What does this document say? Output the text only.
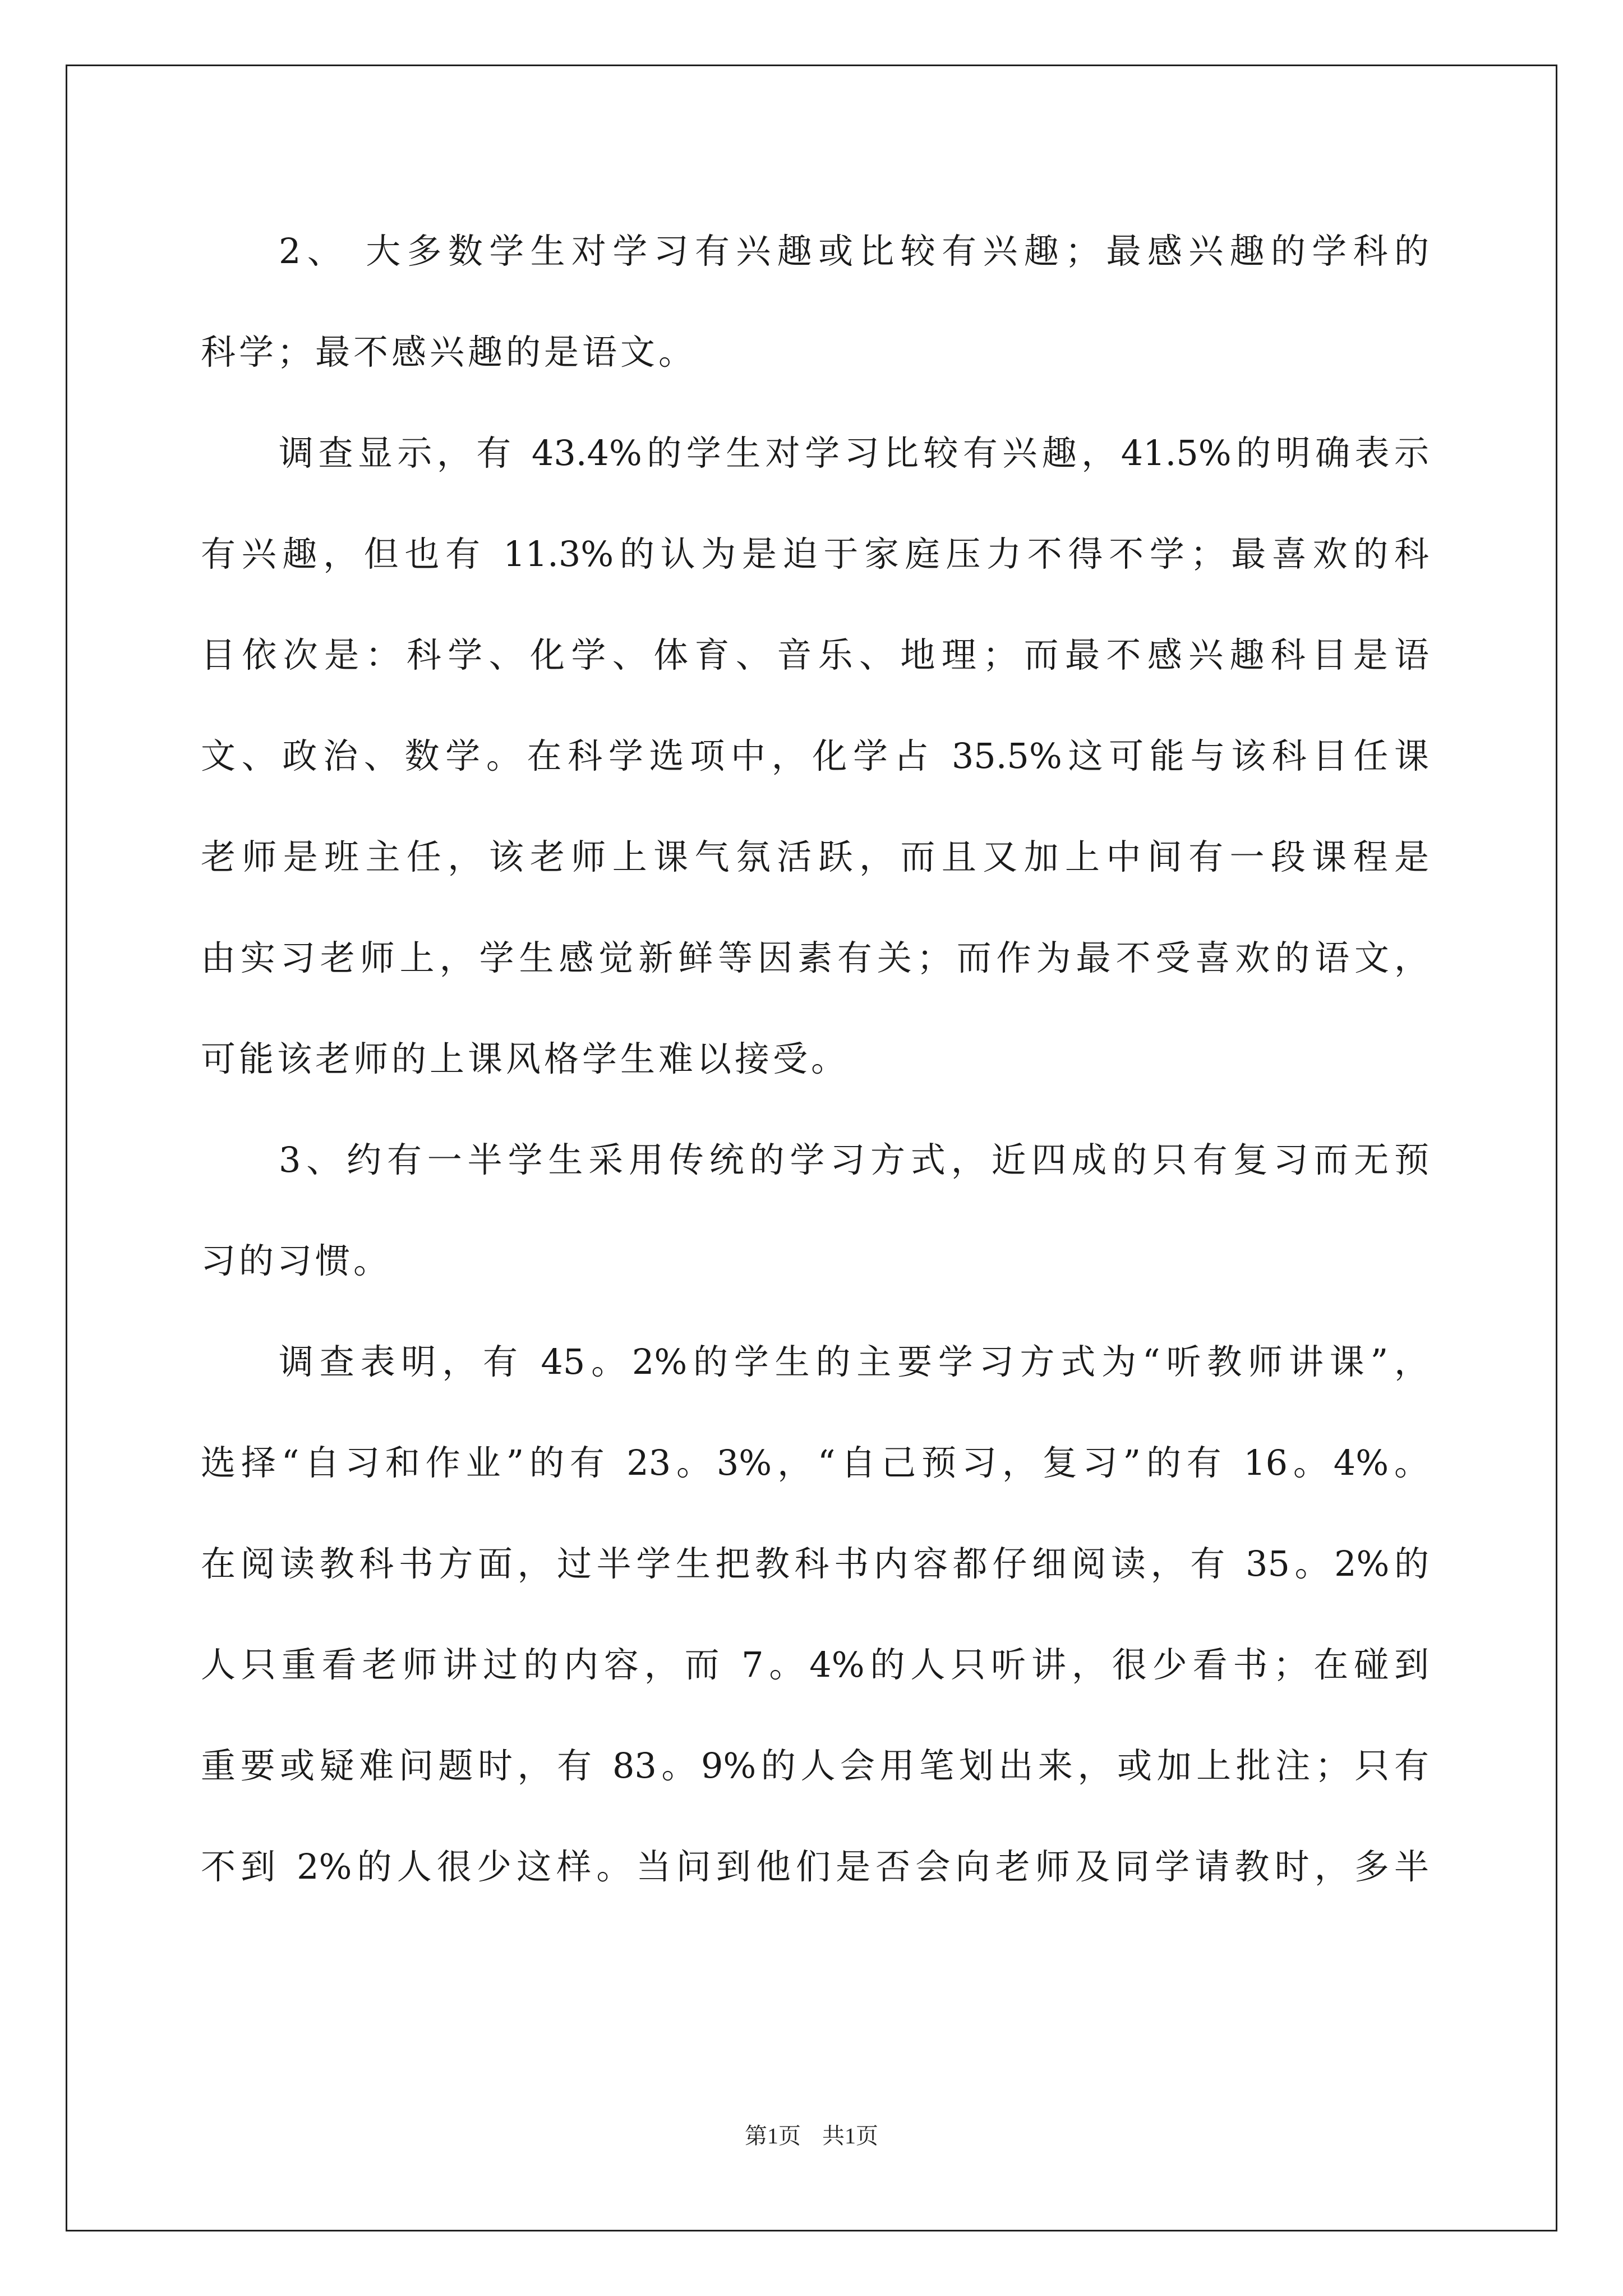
2、 大多数学生对学习有兴趣或比较有兴趣；最感兴趣的学科的
科学；最不感兴趣的是语文。
调查显示，有 43.4%的学生对学习比较有兴趣，41.5%的明确表示
有兴趣，但也有 11.3%的认为是迫于家庭压力不得不学；最喜欢的科
目依次是：科学、化学、体育、音乐、地理；而最不感兴趣科目是语
文、政治、数学。在科学选项中，化学占 35.5%这可能与该科目任课
老师是班主任，该老师上课气氛活跃，而且又加上中间有一段课程是
由实习老师上，学生感觉新鲜等因素有关；而作为最不受喜欢的语文，
可能该老师的上课风格学生难以接受。
3、约有一半学生采用传统的学习方式，近四成的只有复习而无预
习的习惯。
调查表明，有 45。2%的学生的主要学习方式为“听教师讲课”，
选择“自习和作业”的有 23。3%，“自己预习，复习”的有 16。4%。
在阅读教科书方面，过半学生把教科书内容都仔细阅读，有 35。2%的
人只重看老师讲过的内容，而 7。4%的人只听讲，很少看书；在碰到
重要或疑难问题时，有 83。9%的人会用笔划出来，或加上批注；只有
不到 2%的人很少这样。当问到他们是否会向老师及同学请教时，多半
第1页 共1页
